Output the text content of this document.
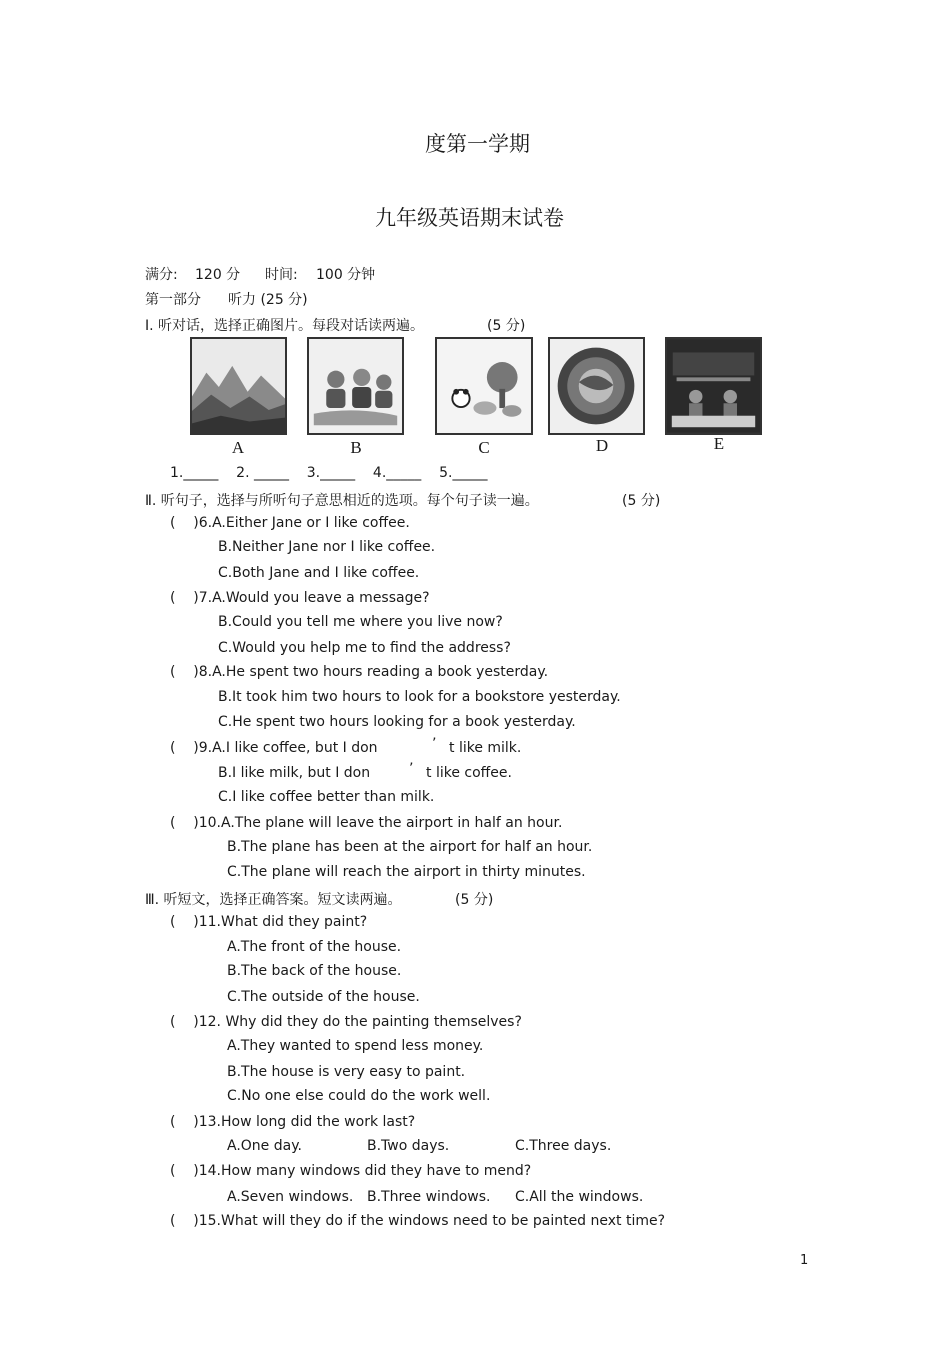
度第一学期
九年级英语期末试卷
满分: 120 分 时间: 100 分钟
第一部分 听力 (25 分)
Ⅰ. 听对话，选择正确图片。每段对话读两遍。	(5 分)
A	B	C	D	E
1._____    2. _____    3._____    4._____    5._____
Ⅱ. 听句子，选择与所听句子意思相近的选项。每个句子读一遍。	(5 分)
(    )6.A.Either Jane or I like coffee.
B.Neither Jane nor I like coffee.
C.Both Jane and I like coffee.
(    )7.A.Would you leave a message?
B.Could you tell me where you live now?
C.Would you help me to find the address?
(    )8.A.He spent two hours reading a book yesterday.
B.It took him two hours to look for a bookstore yesterday.
C.He spent two hours looking for a book yesterday.
(    )9.A.I like coffee, but I don	’ t like milk.
B.I like milk, but I don	’ t like coffee.
C.I like coffee better than milk.
(    )10.A.The plane will leave the airport in half an hour.
B.The plane has been at the airport for half an hour.
C.The plane will reach the airport in thirty minutes.
Ⅲ. 听短文，选择正确答案。短文读两遍。	(5 分)
(    )11.What did they paint?
A.The front of the house.
B.The back of the house.
C.The outside of the house.
(    )12. Why did they do the painting themselves?
A.They wanted to spend less money.
B.The house is very easy to paint.
C.No one else could do the work well.
(    )13.How long did the work last?
A.One day.	B.Two days.	C.Three days.
(    )14.How many windows did they have to mend?
A.Seven windows. B.Three windows. C.All the windows.
(    )15.What will they do if the windows need to be painted next time?
1
